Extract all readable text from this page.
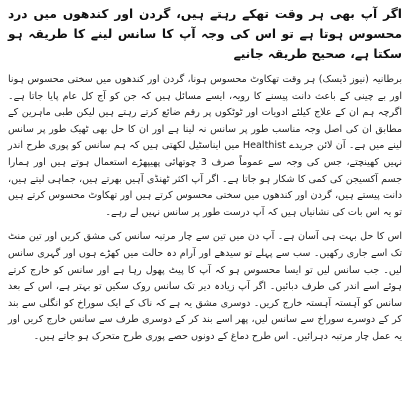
اگر آپ بھی ہر وقت تھکے رہتے ہیں، گردن اور کندھوں میں درد محسوس ہوتا ہے تو اس کی وجہ آپ کا سانس لینے کا طریقہ ہو سکتا ہے، صحیح طریقہ جانیے

برطانیہ (نیوز ڈیسک) ہر وقت تھکاوٹ محسوس ہونا، گردن اور کندھوں میں سختی محسوس ہونا اور بے چینی کے باعث دانت پیسنے کا رویہ، ایسے مسائل ہیں کہ جن کو آج کل عام پایا جاتا ہے۔ اگرچہ ہم ان کے علاج کیلئے ادویات اور ٹوٹکوں پر رقم ضائع کرتے رہتے ہیں لیکن طبی ماہرین کے مطابق ان کی اصل وجہ مناسب طور پر سانس نہ لینا ہے اور ان کا حل بھی ٹھیک طور پر سانس لینے میں ہے۔ آن لائن جریدے Healthist میں ایناسٹیل لکھتی ہیں کہ ہم سانس کو پوری طرح اندر نہیں کھینچتے، جس کی وجہ سے عموماً صرف 3 چوتھائی پھیپھڑے استعمال ہوتے ہیں اور ہمارا جسم آکسیجن کی کمی کا شکار ہو جاتا ہے۔ اگر آپ اکثر ٹھنڈی آہیں بھرتے ہیں، جماہی لیتے ہیں، دانت پیستے ہیں، گردن اور کندھوں میں سختی محسوس کرتے ہیں اور تھکاوٹ محسوس کرتے ہیں تو یہ اس بات کی نشانیاں ہیں کہ آپ درست طور پر سانس نہیں لے رہے۔

اس کا حل بہت ہی آسان ہے۔ آپ دن میں تین سے چار مرتبہ سانس کی مشق کریں اور تین منٹ تک اسے جاری رکھیں۔ سب سے پہلے تو سیدھے اور آرام دہ حالت میں کھڑے ہوں اور گہری سانس لیں۔ جب سانس لیں تو ایسا محسوس ہو کہ آپ کا پیٹ پھول رہا ہے اور سانس کو خارج کرتے ہوئے اسے اندر کی طرف دبائیں۔ اگر آپ زیادہ دیر تک سانس روک سکیں تو بہتر ہے، اس کے بعد سانس کو آہستہ آہستہ خارج کریں۔ دوسری مشق یہ ہے کہ ناک کے ایک سوراخ کو انگلی سے بند کر کے دوسرے سوراخ سے سانس لیں، پھر اسے بند کر کے دوسری طرف سے سانس خارج کریں اور یہ عمل چار مرتبہ دہرائیں۔ اس طرح دماغ کے دونوں حصے پوری طرح متحرک ہو جاتے ہیں۔
